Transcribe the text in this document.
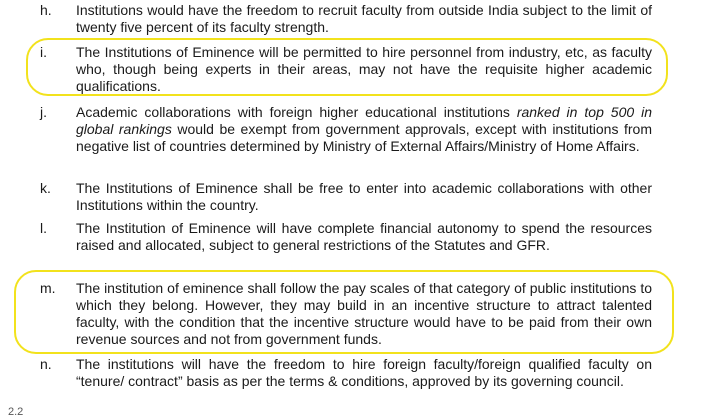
h.	Institutions would have the freedom to recruit faculty from outside India subject to the limit of twenty five percent of its faculty strength.
i.	The Institutions of Eminence will be permitted to hire personnel from industry, etc, as faculty who, though being experts in their areas, may not have the requisite higher academic qualifications.
j.	Academic collaborations with foreign higher educational institutions ranked in top 500 in global rankings would be exempt from government approvals, except with institutions from negative list of countries determined by Ministry of External Affairs/Ministry of Home Affairs.
k.	The Institutions of Eminence shall be free to enter into academic collaborations with other Institutions within the country.
l.	The Institution of Eminence will have complete financial autonomy to spend the resources raised and allocated, subject to general restrictions of the Statutes and GFR.
m.	The institution of eminence shall follow the pay scales of that category of public institutions to which they belong. However, they may build in an incentive structure to attract talented faculty, with the condition that the incentive structure would have to be paid from their own revenue sources and not from government funds.
n.	The institutions will have the freedom to hire foreign faculty/foreign qualified faculty on “tenure/ contract” basis as per the terms & conditions, approved by its governing council.
2.2
